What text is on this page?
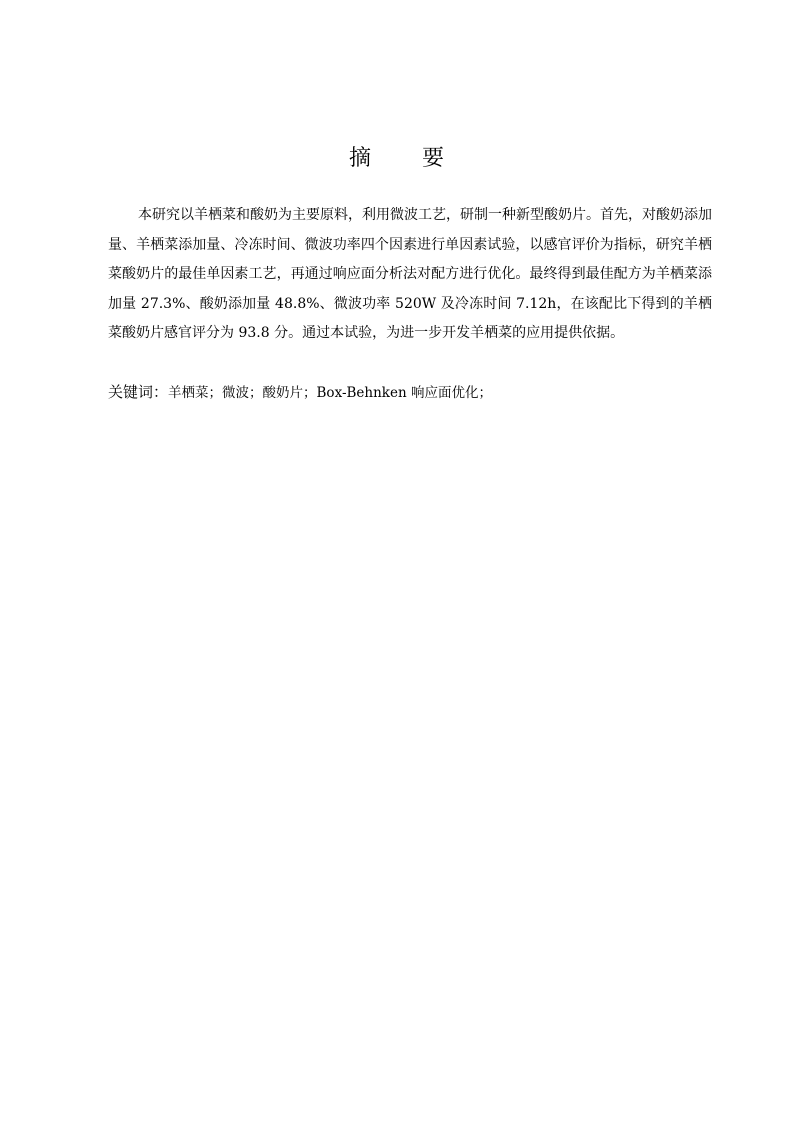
摘 要

本研究以羊栖菜和酸奶为主要原料，利用微波工艺，研制一种新型酸奶片。首先，对酸奶添加量、羊栖菜添加量、冷冻时间、微波功率四个因素进行单因素试验，以感官评价为指标，研究羊栖菜酸奶片的最佳单因素工艺，再通过响应面分析法对配方进行优化。最终得到最佳配方为羊栖菜添加量 27.3%、酸奶添加量 48.8%、微波功率 520W 及冷冻时间 7.12h，在该配比下得到的羊栖菜酸奶片感官评分为 93.8 分。通过本试验，为进一步开发羊栖菜的应用提供依据。

关键词：羊栖菜；微波；酸奶片；Box-Behnken 响应面优化；
